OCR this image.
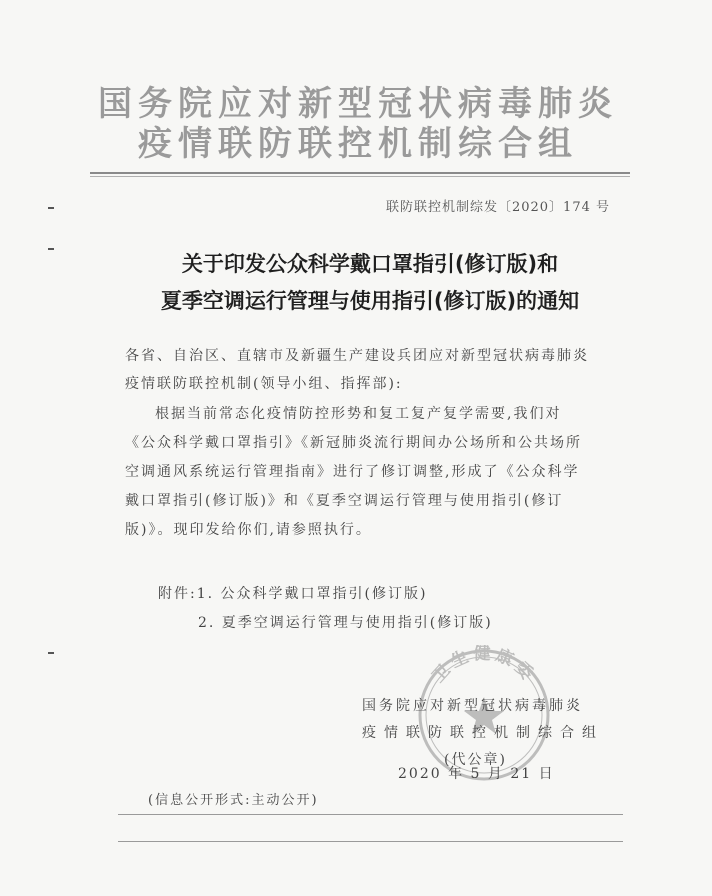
国务院应对新型冠状病毒肺炎
疫情联防联控机制综合组
联防联控机制综发〔2020〕174 号
关于印发公众科学戴口罩指引(修订版)和
夏季空调运行管理与使用指引(修订版)的通知
各省、自治区、直辖市及新疆生产建设兵团应对新型冠状病毒肺炎
疫情联防联控机制(领导小组、指挥部):
根据当前常态化疫情防控形势和复工复产复学需要,我们对
《公众科学戴口罩指引》《新冠肺炎流行期间办公场所和公共场所
空调通风系统运行管理指南》进行了修订调整,形成了《公众科学
戴口罩指引(修订版)》和《夏季空调运行管理与使用指引(修订
版)》。现印发给你们,请参照执行。
附件:1. 公众科学戴口罩指引(修订版)
2. 夏季空调运行管理与使用指引(修订版)
卫生健康委
国务院应对新型冠状病毒肺炎
疫情联防联控机制综合组
(代公章)
2020 年 5 月 21 日
(信息公开形式:主动公开)
